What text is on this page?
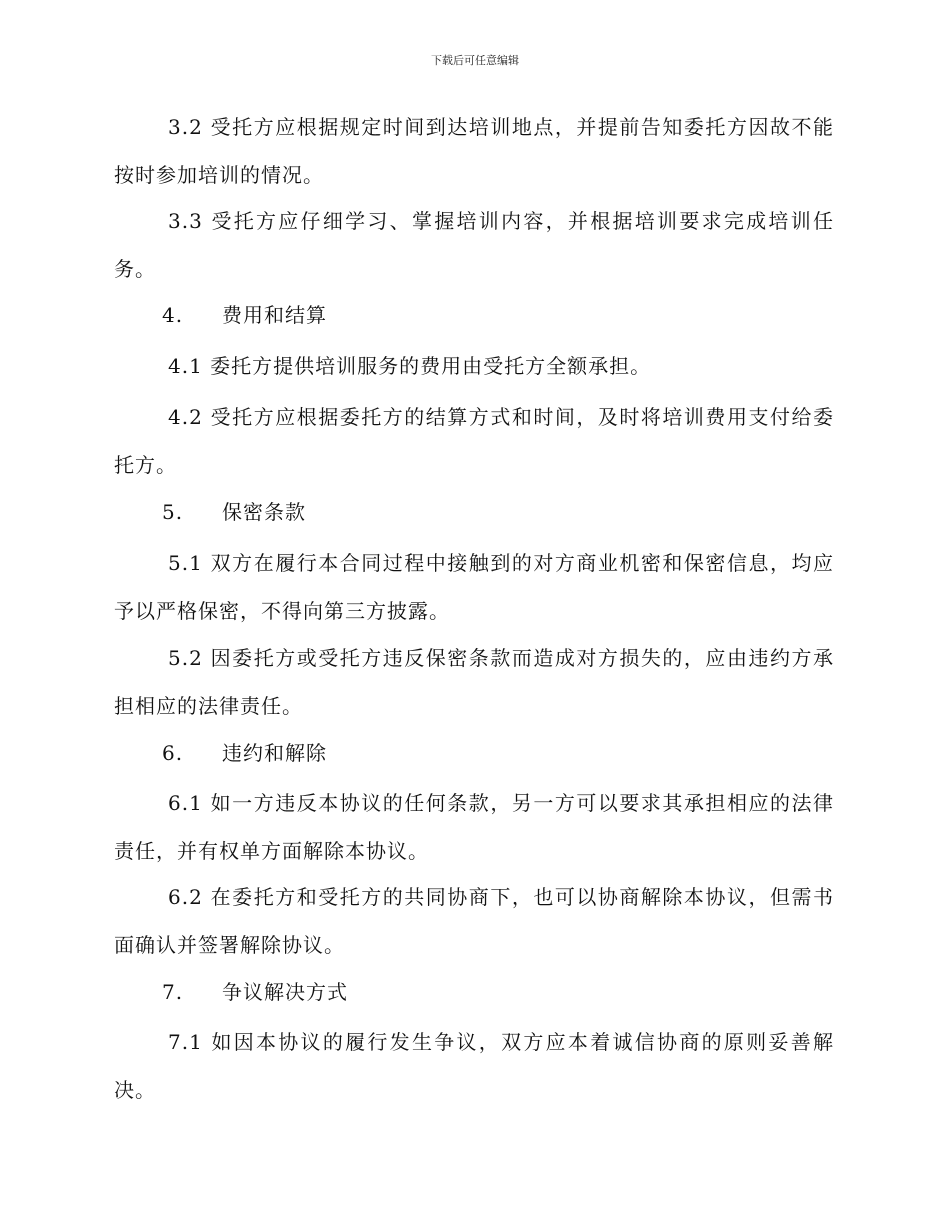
下载后可任意编辑
3.2 受托方应根据规定时间到达培训地点，并提前告知委托方因故不能按时参加培训的情况。
3.3 受托方应仔细学习、掌握培训内容，并根据培训要求完成培训任务。
4. 费用和结算
4.1 委托方提供培训服务的费用由受托方全额承担。
4.2 受托方应根据委托方的结算方式和时间，及时将培训费用支付给委托方。
5. 保密条款
5.1 双方在履行本合同过程中接触到的对方商业机密和保密信息，均应予以严格保密，不得向第三方披露。
5.2 因委托方或受托方违反保密条款而造成对方损失的，应由违约方承担相应的法律责任。
6. 违约和解除
6.1 如一方违反本协议的任何条款，另一方可以要求其承担相应的法律责任，并有权单方面解除本协议。
6.2 在委托方和受托方的共同协商下，也可以协商解除本协议，但需书面确认并签署解除协议。
7. 争议解决方式
7.1 如因本协议的履行发生争议，双方应本着诚信协商的原则妥善解决。
